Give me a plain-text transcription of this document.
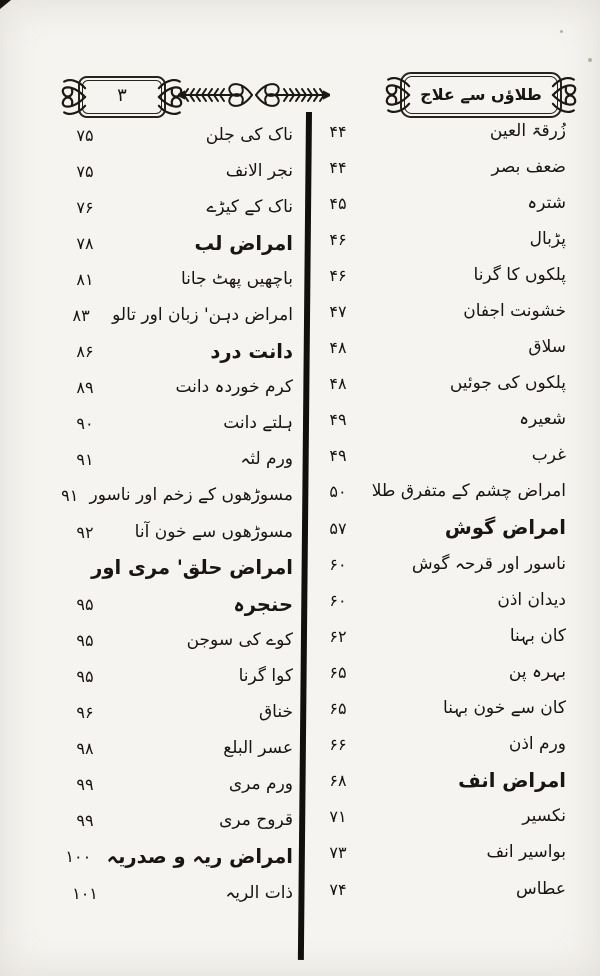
۳	طلاؤں سے علاج
۴۴	زُرقۃ العین
۴۴	ضعف بصر
۴۵	شترہ
۴۶	پڑبال
۴۶	پلکوں کا گرنا
۴۷	خشونت اجفان
۴۸	سلاق
۴۸	پلکوں کی جوئیں
۴۹	شعیرہ
۴۹	غرب
۵۰	امراض چشم کے متفرق طلا
۵۷	امراض گوش
۶۰	ناسور اور قرحہ گوش
۶۰	دیدان اذن
۶۲	کان بہنا
۶۵	بہرہ پن
۶۵	کان سے خون بہنا
۶۶	ورم اذن
۶۸	امراض انف
۷۱	نکسیر
۷۳	بواسیر انف
۷۴	عطاس
۷۵	ناک کی جلن
۷۵	نجر الانف
۷۶	ناک کے کیڑے
۷۸	امراض لب
۸۱	باچھیں پھٹ جانا
۸۳	امراض دہن' زبان اور تالو
۸۶	دانت درد
۸۹	کرم خوردہ دانت
۹۰	ہلتے دانت
۹۱	ورم لثہ
۹۱ مسوڑھوں کے زخم اور ناسور
۹۲	مسوڑھوں سے خون آنا
امراض حلق' مری اور
۹۵	حنجرہ
۹۵	کوے کی سوجن
۹۵	کوا گرنا
۹۶	خناق
۹۸	عسر البلع
۹۹	ورم مری
۹۹	قروح مری
۱۰۰ امراض ریہ و صدریہ
۱۰۱	ذات الریہ
